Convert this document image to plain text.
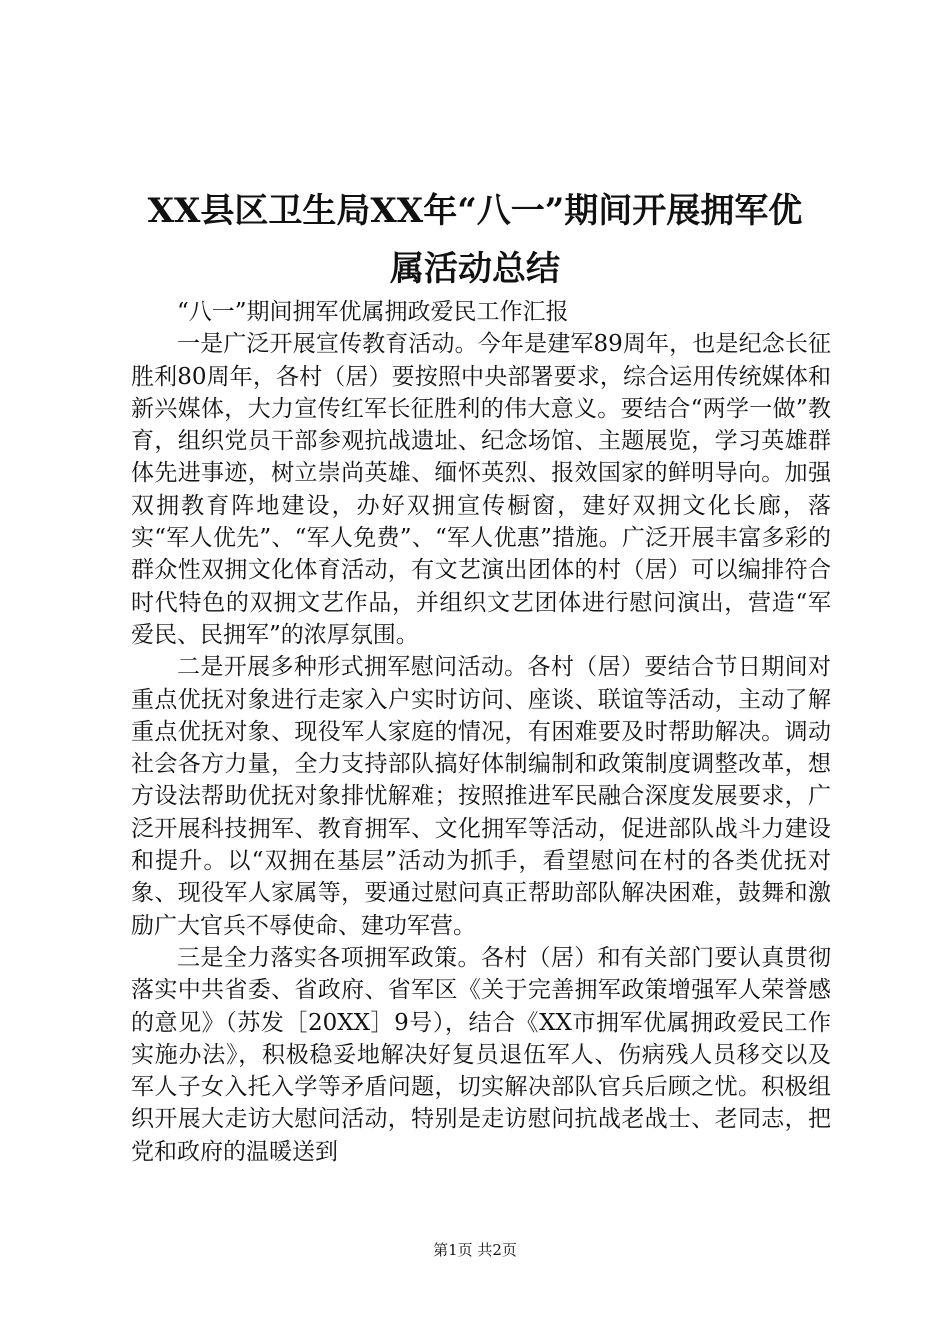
XX县区卫生局XX年“八一”期间开展拥军优
属活动总结

“八一”期间拥军优属拥政爱民工作汇报

一是广泛开展宣传教育活动。今年是建军89周年，也是纪念长征胜利80周年，各村（居）要按照中央部署要求，综合运用传统媒体和新兴媒体，大力宣传红军长征胜利的伟大意义。要结合“两学一做”教育，组织党员干部参观抗战遗址、纪念场馆、主题展览，学习英雄群体先进事迹，树立崇尚英雄、缅怀英烈、报效国家的鲜明导向。加强双拥教育阵地建设，办好双拥宣传橱窗，建好双拥文化长廊，落实“军人优先”、“军人免费”、“军人优惠”措施。广泛开展丰富多彩的群众性双拥文化体育活动，有文艺演出团体的村（居）可以编排符合时代特色的双拥文艺作品，并组织文艺团体进行慰问演出，营造“军爱民、民拥军”的浓厚氛围。

二是开展多种形式拥军慰问活动。各村（居）要结合节日期间对重点优抚对象进行走家入户实时访问、座谈、联谊等活动，主动了解重点优抚对象、现役军人家庭的情况，有困难要及时帮助解决。调动社会各方力量，全力支持部队搞好体制编制和政策制度调整改革，想方设法帮助优抚对象排忧解难；按照推进军民融合深度发展要求，广泛开展科技拥军、教育拥军、文化拥军等活动，促进部队战斗力建设和提升。以“双拥在基层”活动为抓手，看望慰问在村的各类优抚对象、现役军人家属等，要通过慰问真正帮助部队解决困难，鼓舞和激励广大官兵不辱使命、建功军营。

三是全力落实各项拥军政策。各村（居）和有关部门要认真贯彻落实中共省委、省政府、省军区《关于完善拥军政策增强军人荣誉感的意见》（苏发［20XX］9号），结合《XX市拥军优属拥政爱民工作实施办法》，积极稳妥地解决好复员退伍军人、伤病残人员移交以及军人子女入托入学等矛盾问题，切实解决部队官兵后顾之忧。积极组织开展大走访大慰问活动，特别是走访慰问抗战老战士、老同志，把党和政府的温暖送到

第1页 共2页
